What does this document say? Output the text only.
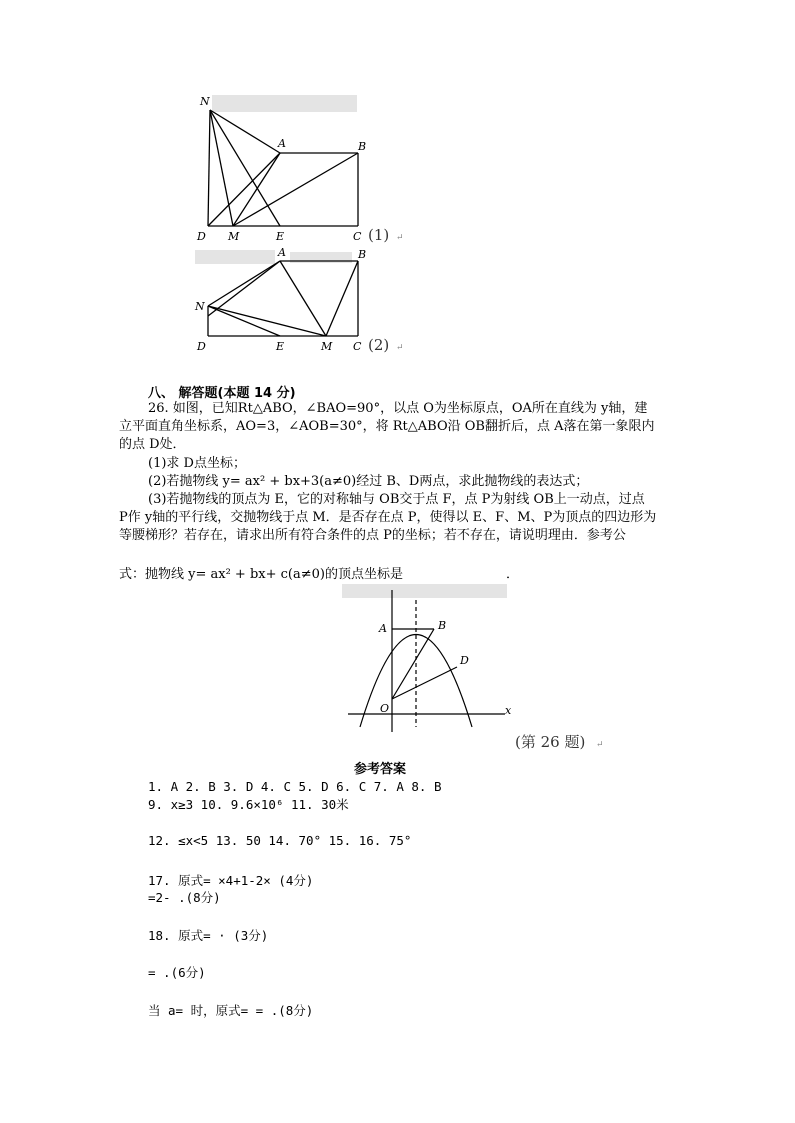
N
A	B
D M	E	C (1) ↵
A	B
N
D	E	M C (2) ↵
八、 解答题(本题 14 分)
26. 如图，已知Rt△ABO，∠BAO=90°，以点 O为坐标原点，OA所在直线为 y轴，建
立平面直角坐标系，AO=3，∠AOB=30°，将 Rt△ABO沿 OB翻折后，点 A落在第一象限内
的点 D处．
(1)求 D点坐标；
(2)若抛物线 y= ax² + bx+3(a≠0)经过 B、D两点，求此抛物线的表达式；
(3)若抛物线的顶点为 E，它的对称轴与 OB交于点 F，点 P为射线 OB上一动点，过点
P作 y轴的平行线，交抛物线于点 M．是否存在点 P，使得以 E、F、M、P为顶点的四边形为
等腰梯形？若存在，请求出所有符合条件的点 P的坐标；若不存在，请说明理由．参考公
式：抛物线 y= ax² + bx+ c(a≠0)的顶点坐标是	．
A	B
D
O	x
(第 26 题) ↵
参考答案
1. A 2. B 3. D 4. C 5. D 6. C 7. A 8. B
9. x≥3 10. 9.6×10⁶ 11. 30米
12. ≤x<5 13. 50 14. 70° 15. 16. 75°
17. 原式= ×4+1-2× (4分)
=2- .(8分)
18. 原式= · (3分)
= .(6分)
当 a= 时，原式= = .(8分)
